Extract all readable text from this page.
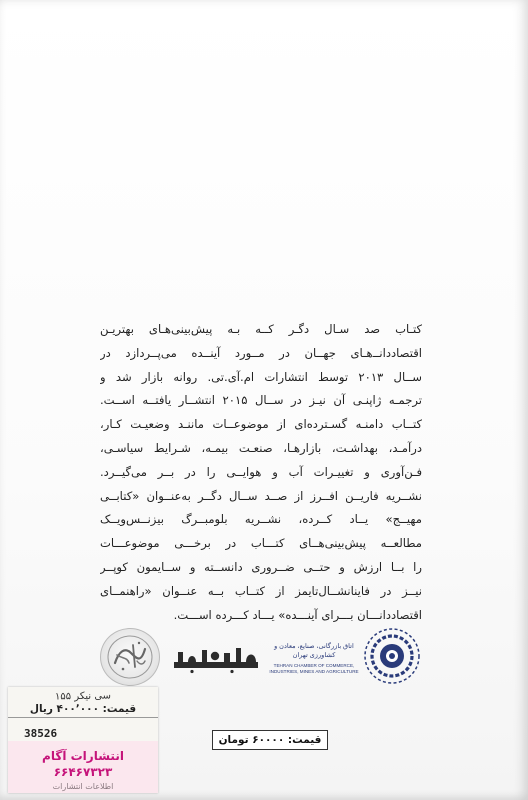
کتـاب صد سـال دگـر کــه بـه پیش‌بینی‌هـای بهتریـن
اقتصاددانــ‌هـای جهــان در مــورد آینــده می‌پــردازد در
ســال ۲۰۱۳ توسط انتشارات ام.آی.تی. روانه بازار شد و
ترجمـه ژاپنـی آن نیـز در ســال ۲۰۱۵ انتشــار یافتــه اســت.
کتــاب دامنـه گسـترده‌ای از موضوعــات ماننـد وضعیـت کـار،
درآمـد، بهداشـت، بازارهـا، صنعـت بیمـه، شـرایط سیاسـی،
فـن‌آوری و تغییـرات آب و هوایــی را در بــر می‌گیــرد.
نشــریه فاریــن افــرز از صــد ســال دگــر به‌عنــوان «کتابــی
مهیــج» یــاد کــرده، نشــریه بلومبــرگ بیزنــس‌ویــک
مطالعــه پیش‌بینی‌هــای کتـــاب در برخـــی موضوعـــات
را بــا ارزش و حتــی ضــروری دانســته و ســایمون کوپــر
نیــز در فاینانشــال‌تایمز از کتــاب بــه عنــوان «راهنمــای
اقتصاددانـــان بـــرای آینـــده» یـــاد کـــرده اســـت.

اتاق بازرگانی، صنایع، معادن و کشاورزی تهران
TEHRAN CHAMBER OF COMMERCE, INDUSTRIES, MINES AND AGRICULTURE
سی نیکر ۱۵۵
قیمت: ۴۰۰٬۰۰۰ ریال
38526
انتشارات آگام
۶۶۴۶۷۳۲۳
اطلاعات انتشارات
قیمت: ۶۰۰۰۰ تومان
